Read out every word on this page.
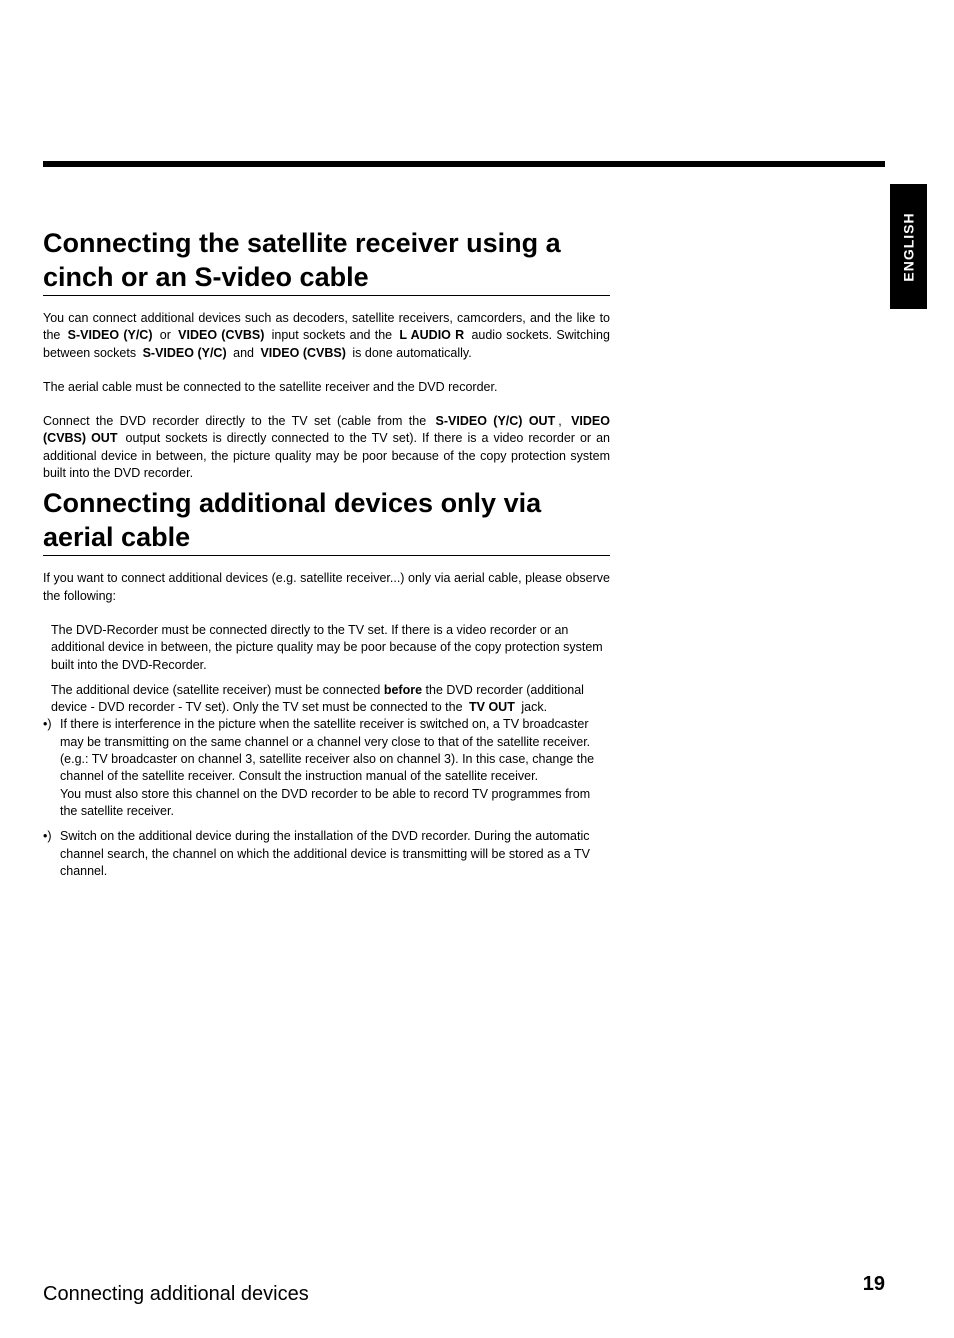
ENGLISH
Connecting the satellite receiver using a cinch or an S-video cable

You can connect additional devices such as decoders, satellite receivers, camcorders, and the like to the S-VIDEO (Y/C) or VIDEO (CVBS) input sockets and the L AUDIO R audio sockets. Switching between sockets S-VIDEO (Y/C) and VIDEO (CVBS) is done automatically.

The aerial cable must be connected to the satellite receiver and the DVD recorder.

Connect the DVD recorder directly to the TV set (cable from the S-VIDEO (Y/C) OUT , VIDEO (CVBS) OUT output sockets is directly connected to the TV set). If there is a video recorder or an additional device in between, the picture quality may be poor because of the copy protection system built into the DVD recorder.

Connecting additional devices only via aerial cable

If you want to connect additional devices (e.g. satellite receiver...) only via aerial cable, please observe the following:

The DVD-Recorder must be connected directly to the TV set. If there is a video recorder or an additional device in between, the picture quality may be poor because of the copy protection system built into the DVD-Recorder.

The additional device (satellite receiver) must be connected before the DVD recorder (additional device - DVD recorder - TV set). Only the TV set must be connected to the TV OUT jack.

•) If there is interference in the picture when the satellite receiver is switched on, a TV broadcaster may be transmitting on the same channel or a channel very close to that of the satellite receiver. (e.g.: TV broadcaster on channel 3, satellite receiver also on channel 3). In this case, change the channel of the satellite receiver. Consult the instruction manual of the satellite receiver.
You must also store this channel on the DVD recorder to be able to record TV programmes from the satellite receiver.
•) Switch on the additional device during the installation of the DVD recorder. During the automatic channel search, the channel on which the additional device is transmitting will be stored as a TV channel.
Connecting additional devices	19
